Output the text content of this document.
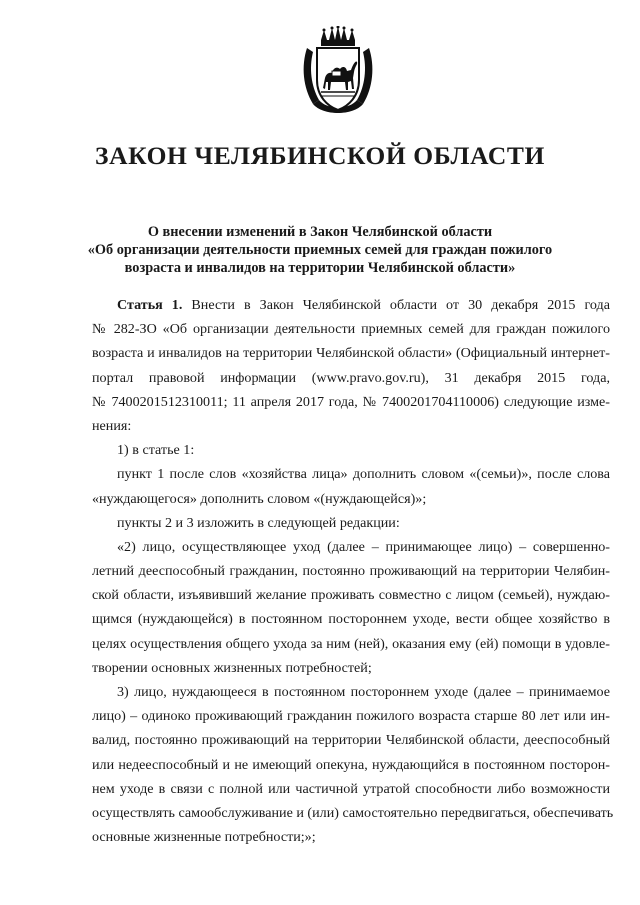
ЗАКОН ЧЕЛЯБИНСКОЙ ОБЛАСТИ
О внесении изменений в Закон Челябинской области
«Об организации деятельности приемных семей для граждан пожилого
возраста и инвалидов на территории Челябинской области»
Статья 1. Внести в Закон Челябинской области от 30 декабря 2015 года
№ 282-ЗО «Об организации деятельности приемных семей для граждан пожилого
возраста и инвалидов на территории Челябинской области» (Официальный интернет-
портал правовой информации (www.pravo.gov.ru), 31 декабря 2015 года,
№ 7400201512310011; 11 апреля 2017 года, № 7400201704110006) следующие изме-
нения:
1) в статье 1:
пункт 1 после слов «хозяйства лица» дополнить словом «(семьи)», после слова
«нуждающегося» дополнить словом «(нуждающейся)»;
пункты 2 и 3 изложить в следующей редакции:
«2) лицо, осуществляющее уход (далее – принимающее лицо) – совершенно-
летний дееспособный гражданин, постоянно проживающий на территории Челябин-
ской области, изъявивший желание проживать совместно с лицом (семьей), нуждаю-
щимся (нуждающейся) в постоянном постороннем уходе, вести общее хозяйство в
целях осуществления общего ухода за ним (ней), оказания ему (ей) помощи в удовле-
творении основных жизненных потребностей;
3) лицо, нуждающееся в постоянном постороннем уходе (далее – принимаемое
лицо) – одиноко проживающий гражданин пожилого возраста старше 80 лет или ин-
валид, постоянно проживающий на территории Челябинской области, дееспособный
или недееспособный и не имеющий опекуна, нуждающийся в постоянном посторон-
нем уходе в связи с полной или частичной утратой способности либо возможности
осуществлять самообслуживание и (или) самостоятельно передвигаться, обеспечивать
основные жизненные потребности;»;
